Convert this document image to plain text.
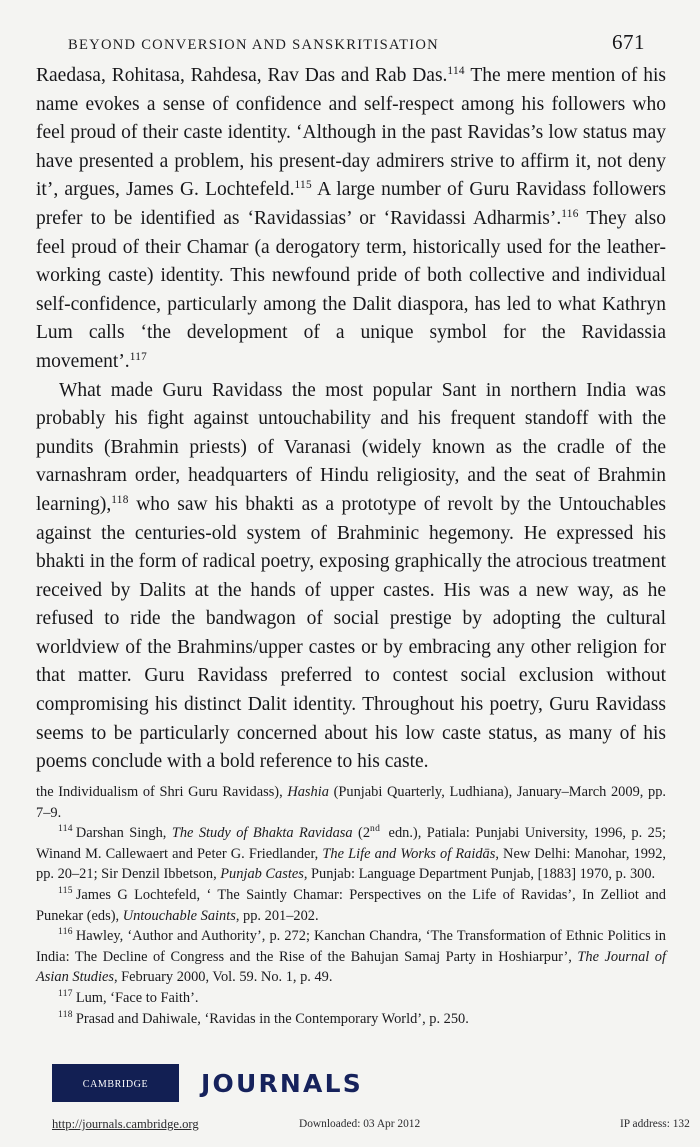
BEYOND CONVERSION AND SANSKRITISATION	671

Raedasa, Rohitasa, Rahdesa, Rav Das and Rab Das.$^{114}$ The mere mention of his name evokes a sense of confidence and self-respect among his followers who feel proud of their caste identity. ‘Although in the past Ravidas’s low status may have presented a problem, his present-day admirers strive to affirm it, not deny it’, argues, James G. Lochtefeld.$^{115}$ A large number of Guru Ravidass followers prefer to be identified as ‘Ravidassias’ or ‘Ravidassi Adharmis’.$^{116}$ They also feel proud of their Chamar (a derogatory term, historically used for the leather-working caste) identity. This newfound pride of both collective and individual self-confidence, particularly among the Dalit diaspora, has led to what Kathryn Lum calls ‘the development of a unique symbol for the Ravidassia movement’.$^{117}$

What made Guru Ravidass the most popular Sant in northern India was probably his fight against untouchability and his frequent standoff with the pundits (Brahmin priests) of Varanasi (widely known as the cradle of the varnashram order, headquarters of Hindu religiosity, and the seat of Brahmin learning),$^{118}$ who saw his bhakti as a prototype of revolt by the Untouchables against the centuries-old system of Brahminic hegemony. He expressed his bhakti in the form of radical poetry, exposing graphically the atrocious treatment received by Dalits at the hands of upper castes. His was a new way, as he refused to ride the bandwagon of social prestige by adopting the cultural worldview of the Brahmins/upper castes or by embracing any other religion for that matter. Guru Ravidass preferred to contest social exclusion without compromising his distinct Dalit identity. Throughout his poetry, Guru Ravidass seems to be particularly concerned about his low caste status, as many of his poems conclude with a bold reference to his caste.

the Individualism of Shri Guru Ravidass), Hashia (Punjabi Quarterly, Ludhiana), January–March 2009, pp. 7–9.

$^{114}$ Darshan Singh, The Study of Bhakta Ravidasa (2nd edn.), Patiala: Punjabi University, 1996, p. 25; Winand M. Callewaert and Peter G. Friedlander, The Life and Works of Raidās, New Delhi: Manohar, 1992, pp. 20–21; Sir Denzil Ibbetson, Punjab Castes, Punjab: Language Department Punjab, [1883] 1970, p. 300.

$^{115}$ James G Lochtefeld, ‘ The Saintly Chamar: Perspectives on the Life of Ravidas’, In Zelliot and Punekar (eds), Untouchable Saints, pp. 201–202.

$^{116}$ Hawley, ‘Author and Authority’, p. 272; Kanchan Chandra, ‘The Transformation of Ethnic Politics in India: The Decline of Congress and the Rise of the Bahujan Samaj Party in Hoshiarpur’, The Journal of Asian Studies, February 2000, Vol. 59. No. 1, p. 49.

$^{117}$ Lum, ‘Face to Faith’.

$^{118}$ Prasad and Dahiwale, ‘Ravidas in the Contemporary World’, p. 250.

cambridge JOURNALS
http://journals.cambridge.org	Downloaded: 03 Apr 2012	IP address: 132
